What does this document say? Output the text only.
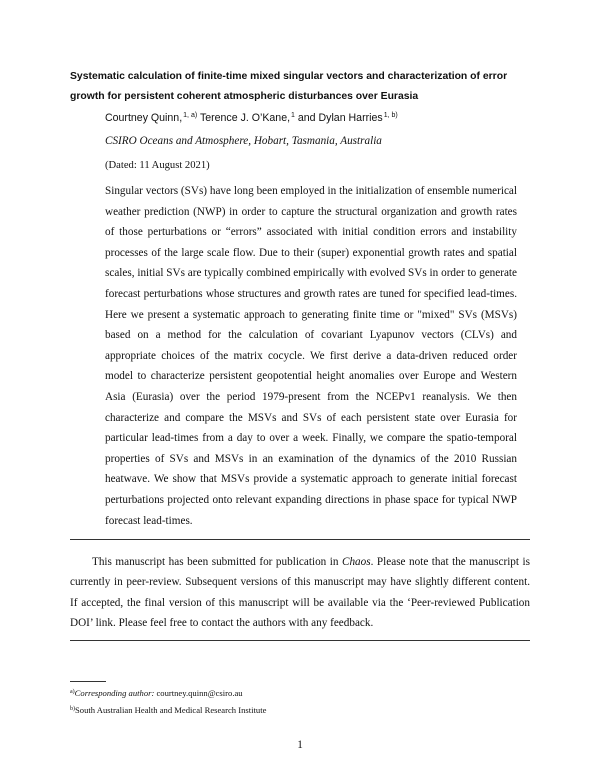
Systematic calculation of finite-time mixed singular vectors and characterization of error growth for persistent coherent atmospheric disturbances over Eurasia
Courtney Quinn,$^{1, a)}$ Terence J. O’Kane,$^1$ and Dylan Harries$^{1, b)}$
CSIRO Oceans and Atmosphere, Hobart, Tasmania, Australia
(Dated: 11 August 2021)
Singular vectors (SVs) have long been employed in the initialization of ensemble numerical weather prediction (NWP) in order to capture the structural organization and growth rates of those perturbations or “errors” associated with initial condition errors and instability processes of the large scale flow. Due to their (super) exponential growth rates and spatial scales, initial SVs are typically combined empirically with evolved SVs in order to generate forecast perturbations whose structures and growth rates are tuned for specified lead-times. Here we present a systematic approach to generating finite time or "mixed" SVs (MSVs) based on a method for the calculation of covariant Lyapunov vectors (CLVs) and appropriate choices of the matrix cocycle. We first derive a data-driven reduced order model to characterize persistent geopotential height anomalies over Europe and Western Asia (Eurasia) over the period 1979-present from the NCEPv1 reanalysis. We then characterize and compare the MSVs and SVs of each persistent state over Eurasia for particular lead-times from a day to over a week. Finally, we compare the spatio-temporal properties of SVs and MSVs in an examination of the dynamics of the 2010 Russian heatwave. We show that MSVs provide a systematic approach to generate initial forecast perturbations projected onto relevant expanding directions in phase space for typical NWP forecast lead-times.
This manuscript has been submitted for publication in Chaos. Please note that the manuscript is currently in peer-review. Subsequent versions of this manuscript may have slightly different content. If accepted, the final version of this manuscript will be available via the ‘Peer-reviewed Publication DOI’ link. Please feel free to contact the authors with any feedback.
$^{a)}$Corresponding author: courtney.quinn@csiro.au
$^{b)}$South Australian Health and Medical Research Institute
1
